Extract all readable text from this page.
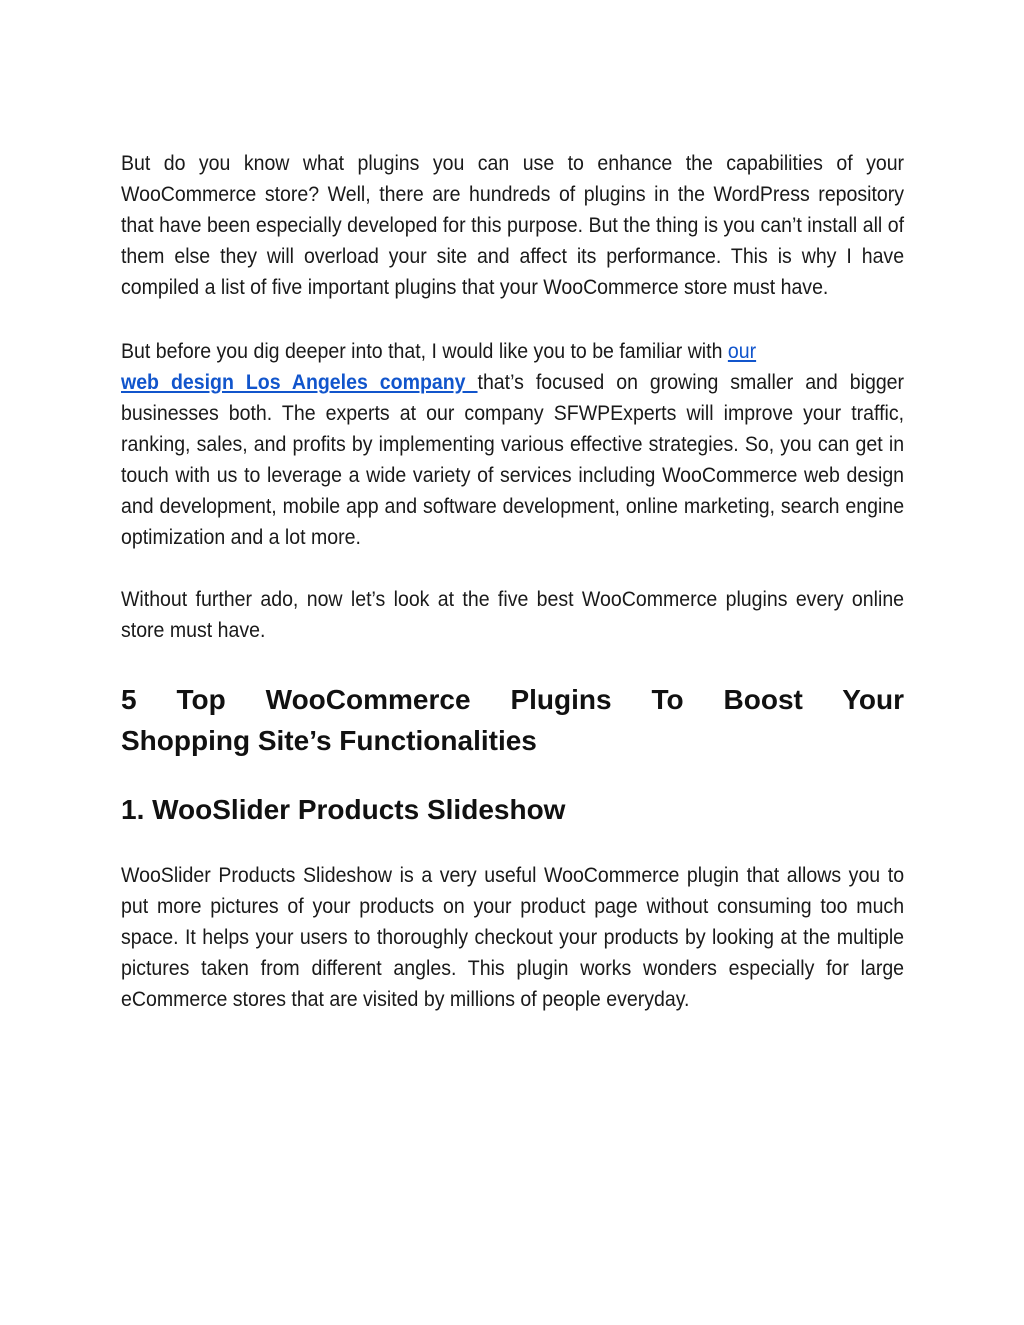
But do you know what plugins you can use to enhance the capabilities of your WooCommerce store? Well, there are hundreds of plugins in the WordPress repository that have been especially developed for this purpose. But the thing is you can’t install all of them else they will overload your site and affect its performance. This is why I have compiled a list of five important plugins that your WooCommerce store must have.

But before you dig deeper into that, I would like you to be familiar with our
web design Los Angeles company that’s focused on growing smaller and bigger businesses both. The experts at our company SFWPExperts will improve your traffic, ranking, sales, and profits by implementing various effective strategies. So, you can get in touch with us to leverage a wide variety of services including WooCommerce web design and development, mobile app and software development, online marketing, search engine optimization and a lot more.

Without further ado, now let’s look at the five best WooCommerce plugins every online store must have.

5 Top WooCommerce Plugins To Boost Your
Shopping Site’s Functionalities
1. WooSlider Products Slideshow

WooSlider Products Slideshow is a very useful WooCommerce plugin that allows you to put more pictures of your products on your product page without consuming too much space. It helps your users to thoroughly checkout your products by looking at the multiple pictures taken from different angles. This plugin works wonders especially for large eCommerce stores that are visited by millions of people everyday.
